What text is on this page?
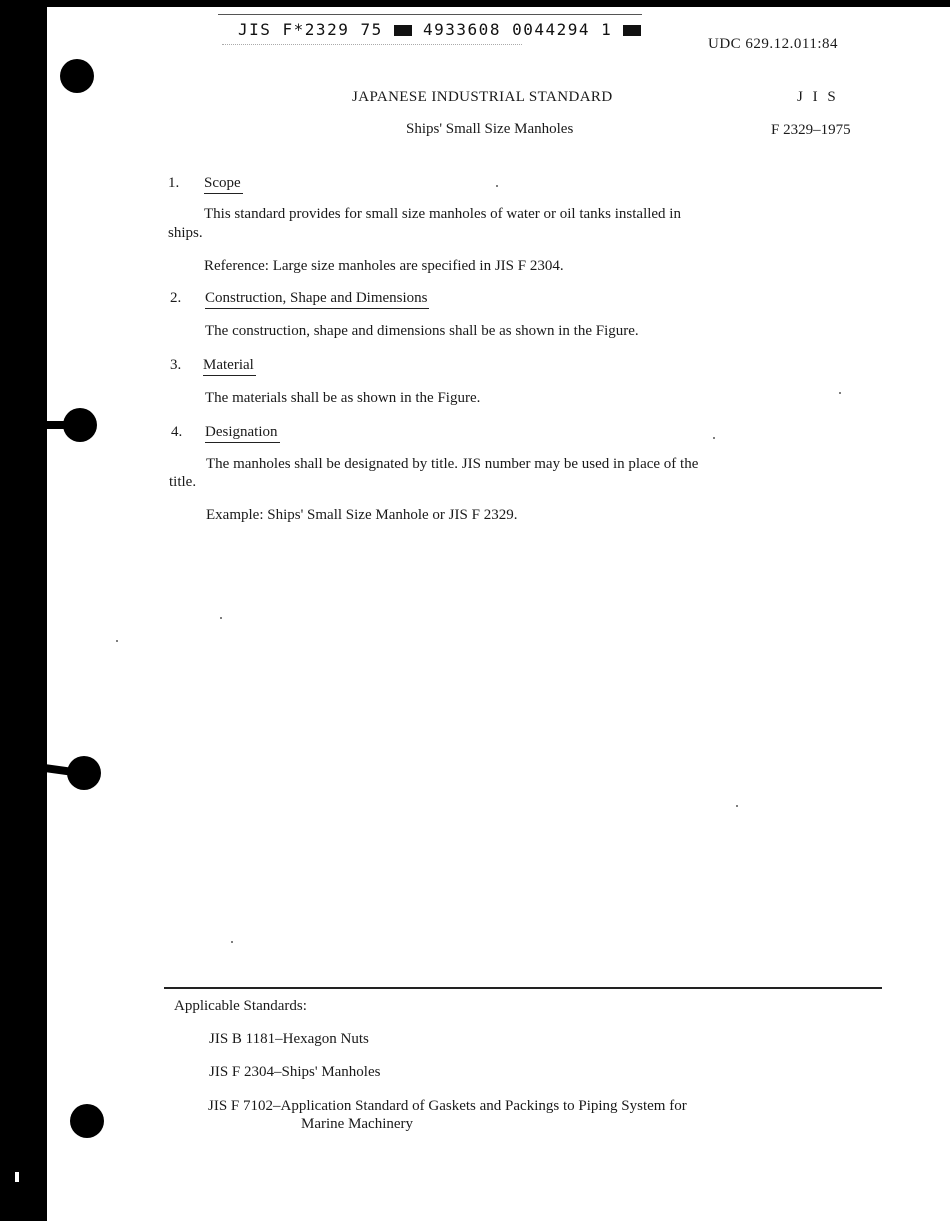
JIS F*2329 75	4933608 0044294 1
UDC 629.12.011:84
JAPANESE INDUSTRIAL STANDARD	J I S
Ships' Small Size Manholes	F 2329–1975
1. Scope
This standard provides for small size manholes of water or oil tanks installed in
ships.
Reference: Large size manholes are specified in JIS F 2304.
2. Construction, Shape and Dimensions
The construction, shape and dimensions shall be as shown in the Figure.
3. Material
The materials shall be as shown in the Figure.
4. Designation
The manholes shall be designated by title. JIS number may be used in place of the
title.
Example: Ships' Small Size Manhole or JIS F 2329.
Applicable Standards:
JIS B 1181–Hexagon Nuts
JIS F 2304–Ships' Manholes
JIS F 7102–Application Standard of Gaskets and Packings to Piping System for
Marine Machinery
